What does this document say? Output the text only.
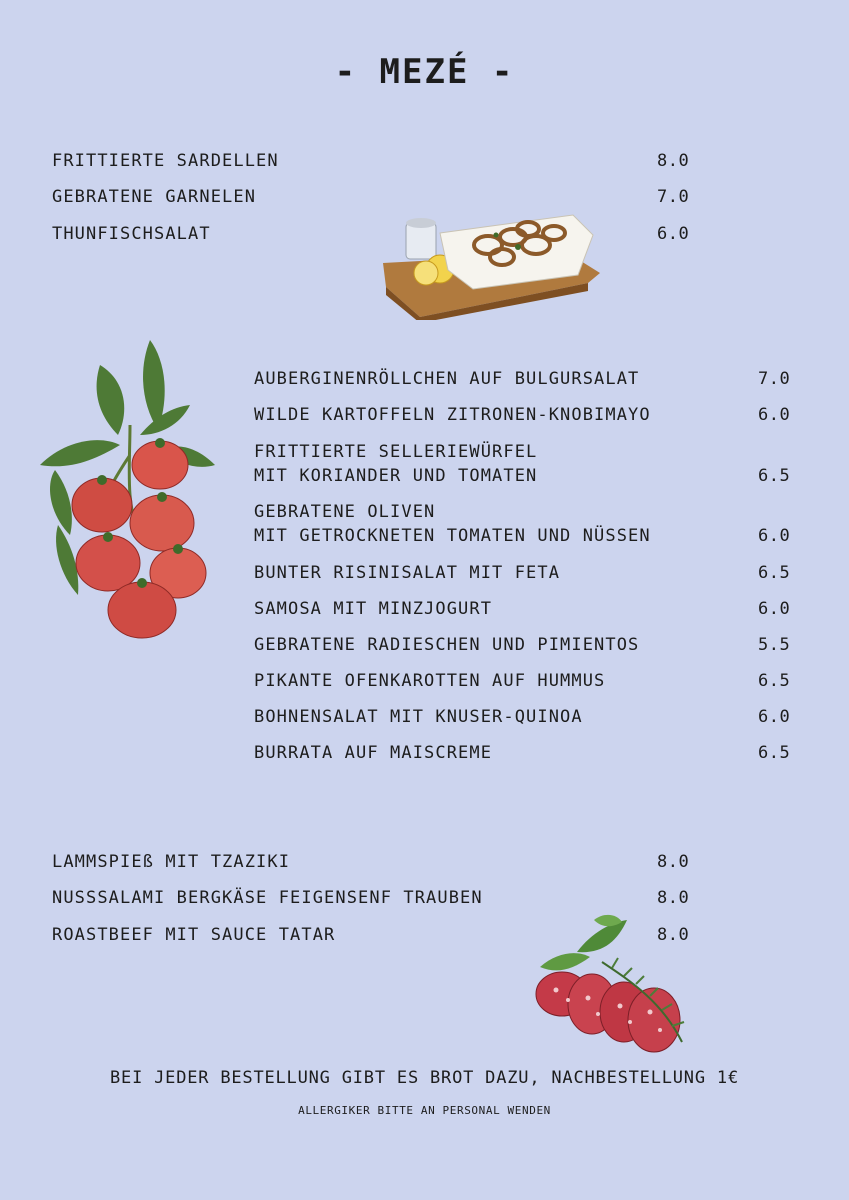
- MEZÉ -
FRITTIERTE SARDELLEN	8.0
GEBRATENE GARNELEN	7.0
THUNFISCHSALAT	6.0
AUBERGINENRÖLLCHEN AUF BULGURSALAT	7.0
WILDE KARTOFFELN ZITRONEN-KNOBIMAYO	6.0
FRITTIERTE SELLERIEWÜRFEL
MIT KORIANDER UND TOMATEN	6.5
GEBRATENE OLIVEN
MIT GETROCKNETEN TOMATEN UND NÜSSEN	6.0
BUNTER RISINISALAT MIT FETA	6.5
SAMOSA MIT MINZJOGURT	6.0
GEBRATENE RADIESCHEN UND PIMIENTOS	5.5
PIKANTE OFENKAROTTEN AUF HUMMUS	6.5
BOHNENSALAT MIT KNUSER-QUINOA	6.0
BURRATA AUF MAISCREME	6.5
LAMMSPIEß MIT TZAZIKI	8.0
NUSSSALAMI BERGKÄSE FEIGENSENF TRAUBEN	8.0
ROASTBEEF MIT SAUCE TATAR	8.0
BEI JEDER BESTELLUNG GIBT ES BROT DAZU, NACHBESTELLUNG 1€
ALLERGIKER BITTE AN PERSONAL WENDEN
